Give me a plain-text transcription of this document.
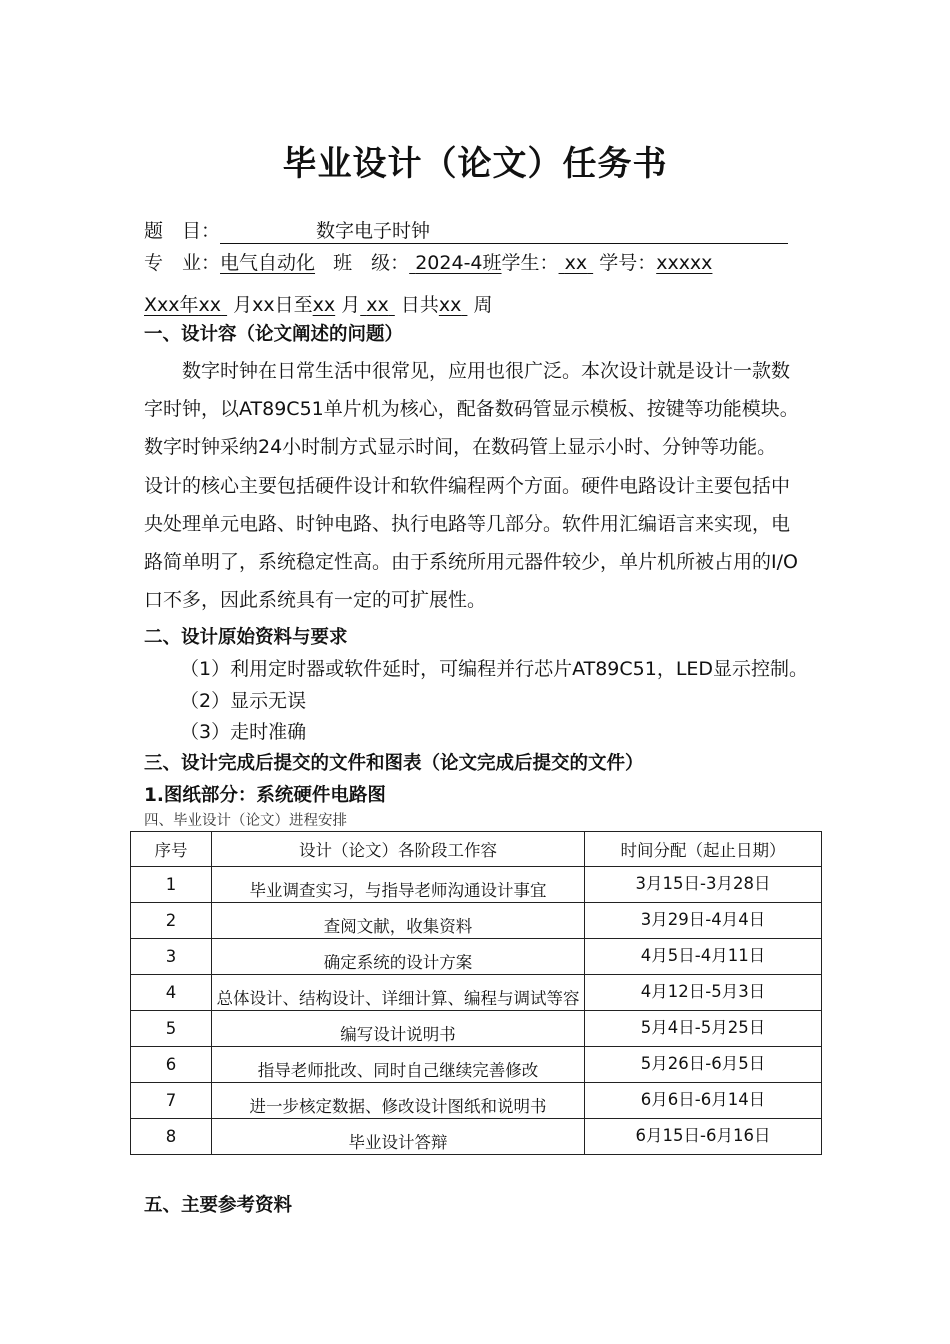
毕业设计（论文）任务书
题　目：	数字电子时钟
专　业：电气自动化 班　级： 2024-4班学生： xx 学号：xxxxx
Xxx年xx 月xx日至xx 月 xx 日共xx 周
一、设计容（论文阐述的问题）

　　数字时钟在日常生活中很常见，应用也很广泛。本次设计就是设计一款数

字时钟，以AT89C51单片机为核心，配备数码管显示模板、按键等功能模块。

数字时钟采纳24小时制方式显示时间，在数码管上显示小时、分钟等功能。

设计的核心主要包括硬件设计和软件编程两个方面。硬件电路设计主要包括中

央处理单元电路、时钟电路、执行电路等几部分。软件用汇编语言来实现，电

路简单明了，系统稳定性高。由于系统所用元器件较少，单片机所被占用的I/O

口不多，因此系统具有一定的可扩展性。

二、设计原始资料与要求
（1）利用定时器或软件延时，可编程并行芯片AT89C51，LED显示控制。
（2）显示无误
（3）走时准确
三、设计完成后提交的文件和图表（论文完成后提交的文件）
1.图纸部分：系统硬件电路图
四、毕业设计（论文）进程安排
序号	设计（论文）各阶段工作容	时间分配（起止日期）
1	毕业调查实习，与指导老师沟通设计事宜	3月15日-3月28日
2	查阅文献，收集资料	3月29日-4月4日
3	确定系统的设计方案	4月5日-4月11日
4	总体设计、结构设计、详细计算、编程与调试等容	4月12日-5月3日
5	编写设计说明书	5月4日-5月25日
6	指导老师批改、同时自己继续完善修改	5月26日-6月5日
7	进一步核定数据、修改设计图纸和说明书	6月6日-6月14日
8	毕业设计答辩	6月15日-6月16日
五、主要参考资料
